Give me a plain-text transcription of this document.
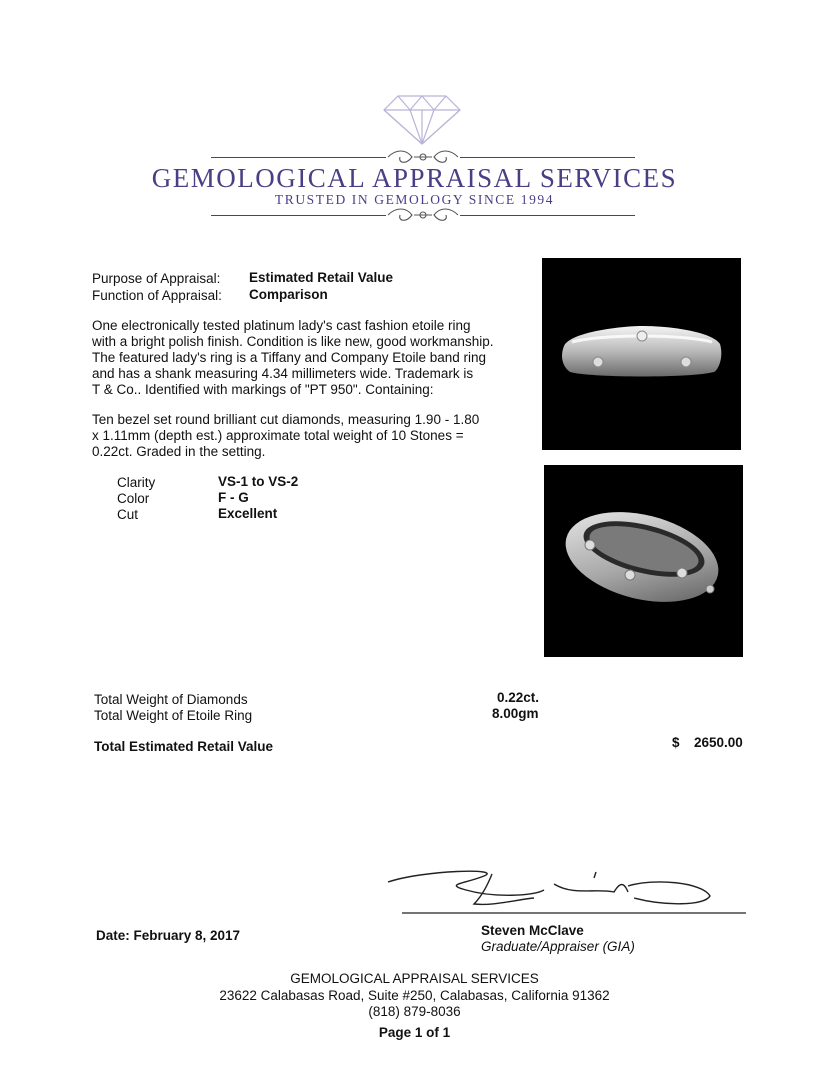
GEMOLOGICAL APPRAISAL SERVICES
TRUSTED IN GEMOLOGY SINCE 1994
Purpose of Appraisal: Estimated Retail Value
Function of Appraisal: Comparison
One electronically tested platinum lady's cast fashion etoile ring
with a bright polish finish. Condition is like new, good workmanship.
The featured lady's ring is a Tiffany and Company Etoile band ring
and has a shank measuring 4.34 millimeters wide. Trademark is
T & Co.. Identified with markings of "PT 950". Containing:
Ten bezel set round brilliant cut diamonds, measuring 1.90 - 1.80
x 1.11mm (depth est.) approximate total weight of 10 Stones =
0.22ct. Graded in the setting.
Clarity	VS-1 to VS-2
Color	F - G
Cut	Excellent
Total Weight of Diamonds	0.22ct.
Total Weight of Etoile Ring	8.00gm
Total Estimated Retail Value	$ 2650.00
Date: February 8, 2017	Steven McClave
Graduate/Appraiser (GIA)
GEMOLOGICAL APPRAISAL SERVICES
23622 Calabasas Road, Suite #250, Calabasas, California 91362
(818) 879-8036
Page 1 of 1
